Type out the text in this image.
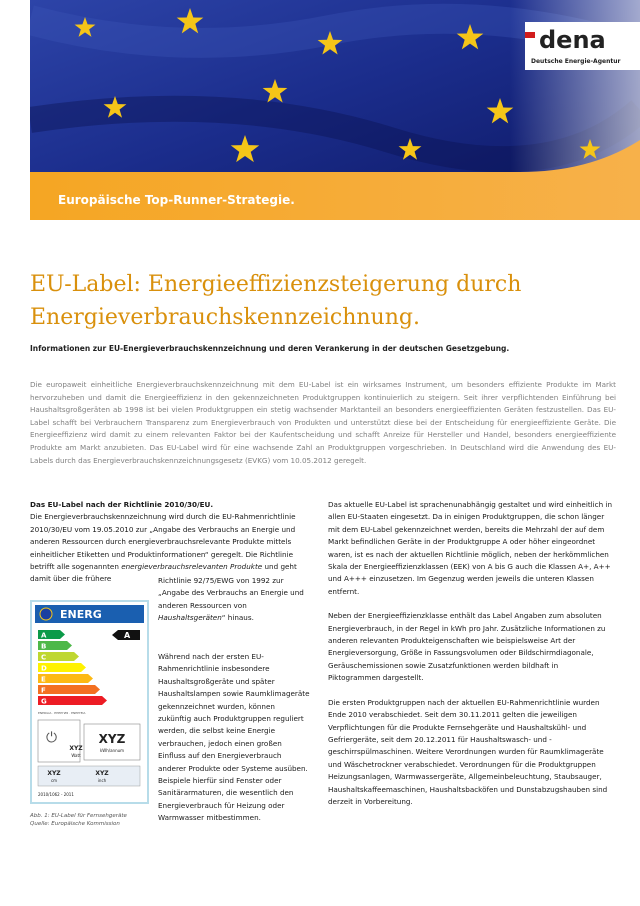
dena
Deutsche Energie-Agentur
Europäische Top-Runner-Strategie.
EU-Label: Energieeffizienzsteigerung durch Energieverbrauchskennzeichnung.
Informationen zur EU-Energieverbrauchskennzeichnung und deren Verankerung in der deutschen Gesetzgebung.

Die europaweit einheitliche Energieverbrauchskennzeichnung mit dem EU-Label ist ein wirksames Instrument, um besonders effiziente Produkte im Markt hervorzuheben und damit die Energieeffizienz in den gekennzeichneten Produktgruppen kontinuierlich zu steigern. Seit ihrer verpflichtenden Einführung bei Haushaltsgroßgeräten ab 1998 ist bei vielen Produktgruppen ein stetig wachsender Marktanteil an besonders energieeffizienten Geräten festzustellen. Das EU-Label schafft bei Verbrauchern Transparenz zum Energieverbrauch von Produkten und unterstützt diese bei der Entscheidung für energieeffiziente Geräte. Die Energieeffizienz wird damit zu einem relevanten Faktor bei der Kaufentscheidung und schafft Anreize für Hersteller und Handel, besonders energieeffiziente Produkte am Markt anzubieten. Das EU-Label wird für eine wachsende Zahl an Produktgruppen vorgeschrieben. In Deutschland wird die Anwendung des EU-Labels durch das Energieverbrauchskennzeichnungsgesetz (EVKG) vom 10.05.2012 geregelt.

Das EU-Label nach der Richtlinie 2010/30/EU.

Die Energieverbrauchskennzeichnung wird durch die EU-Rahmenrichtlinie 2010/30/EU vom 19.05.2010 zur „Angabe des Verbrauchs an Energie und anderen Ressourcen durch energieverbrauchsrelevante Produkte mittels einheitlicher Etiketten und Produktinformationen“ geregelt. Die Richtlinie betrifft alle sogenannten energieverbrauchsrelevanten Produkte und geht damit über die frühere	Richtlinie 92/75/EWG von 1992 zur „Angabe des Verbrauchs an Energie und anderen Ressourcen von Haushaltsgeräten“ hinaus.

Während nach der ersten EU-Rahmenrichtlinie insbesondere Haushaltsgroßgeräte und später Haushaltslampen sowie Raumklimageräte gekennzeichnet wurden, können zukünftig auch Produktgruppen reguliert werden, die selbst keine Energie verbrauchen, jedoch einen großen Einfluss auf den Energieverbrauch anderer Produkte oder Systeme ausüben. Beispiele hierfür sind Fenster oder Sanitärarmaturen, die wesentlich den Energieverbrauch für Heizung oder Warmwasser mitbestimmen.

ENERG
A
B
C
D
E
F
G
A
ENERGIA · ЕНЕРГИЯ · ΕΝΕΡΓΕΙΑ
⏻	XYZ
kWh/annum
XYZ
Watt
XYZ
cm
XYZ
inch
2010/1062 - 2011
Abb. 1: EU-Label für Fernsehgeräte
Quelle: Europäische Kommission

Das aktuelle EU-Label ist sprachenunabhängig gestaltet und wird einheitlich in allen EU-Staaten eingesetzt. Da in einigen Produktgruppen, die schon länger mit dem EU-Label gekennzeichnet werden, bereits die Mehrzahl der auf dem Markt befindlichen Geräte in der Produktgruppe A oder höher eingeordnet waren, ist es nach der aktuellen Richtlinie möglich, neben der herkömmlichen Skala der Energieeffizienzklassen (EEK) von A bis G auch die Klassen A+, A++ und A+++ einzusetzen. Im Gegenzug werden jeweils die unteren Klassen entfernt.

Neben der Energieeffizienzklasse enthält das Label Angaben zum absoluten Energieverbrauch, in der Regel in kWh pro Jahr. Zusätzliche Informationen zu anderen relevanten Produkteigenschaften wie beispielsweise Art der Energieversorgung, Größe in Fassungsvolumen oder Bildschirmdiagonale, Geräuschemissionen sowie Zusatzfunktionen werden bildhaft in Piktogrammen dargestellt.

Die ersten Produktgruppen nach der aktuellen EU-Rahmenrichtlinie wurden Ende 2010 verabschiedet. Seit dem 30.11.2011 gelten die jeweiligen Verpflichtungen für die Produkte Fernsehgeräte und Haushaltskühl- und Gefriergeräte, seit dem 20.12.2011 für Haushaltswasch- und -geschirrspülmaschinen. Weitere Verordnungen wurden für Raumklimageräte und Wäschetrockner verabschiedet. Verordnungen für die Produktgruppen Heizungsanlagen, Warmwassergeräte, Allgemeinbeleuchtung, Staubsauger, Haushaltskaffeemaschinen, Haushaltsbacköfen und Dunstabzugshauben sind derzeit in Vorbereitung.
